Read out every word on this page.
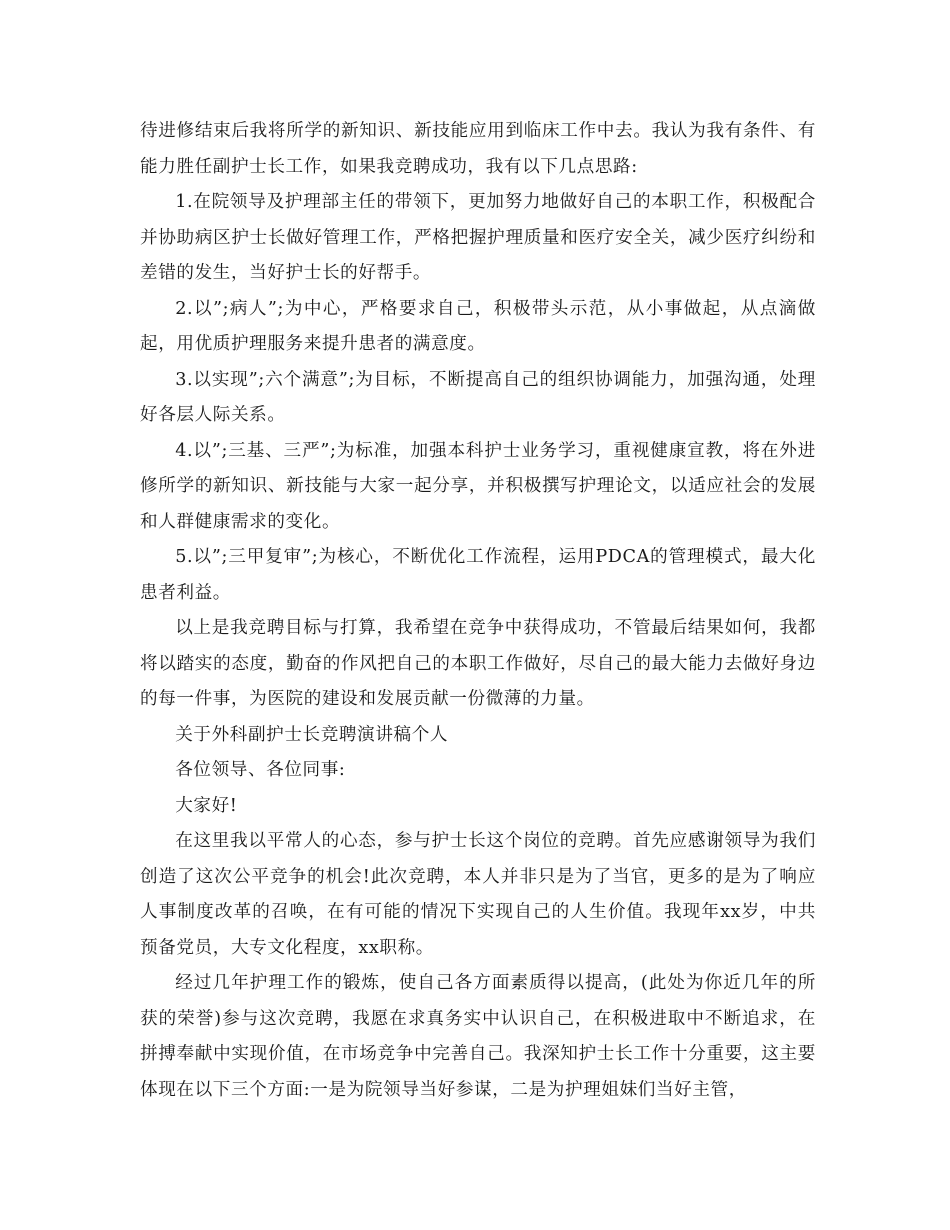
待进修结束后我将所学的新知识、新技能应用到临床工作中去。我认为我有条件、有能力胜任副护士长工作，如果我竞聘成功，我有以下几点思路:

1.在院领导及护理部主任的带领下，更加努力地做好自己的本职工作，积极配合并协助病区护士长做好管理工作，严格把握护理质量和医疗安全关，减少医疗纠纷和差错的发生，当好护士长的好帮手。

2.以”;病人”;为中心，严格要求自己，积极带头示范，从小事做起，从点滴做起，用优质护理服务来提升患者的满意度。

3.以实现”;六个满意”;为目标，不断提高自己的组织协调能力，加强沟通，处理好各层人际关系。

4.以”;三基、三严”;为标准，加强本科护士业务学习，重视健康宣教，将在外进修所学的新知识、新技能与大家一起分享，并积极撰写护理论文，以适应社会的发展和人群健康需求的变化。

5.以”;三甲复审”;为核心，不断优化工作流程，运用PDCA的管理模式，最大化患者利益。

以上是我竞聘目标与打算，我希望在竞争中获得成功，不管最后结果如何，我都将以踏实的态度，勤奋的作风把自己的本职工作做好，尽自己的最大能力去做好身边的每一件事，为医院的建设和发展贡献一份微薄的力量。

关于外科副护士长竞聘演讲稿个人

各位领导、各位同事:

大家好!

在这里我以平常人的心态，参与护士长这个岗位的竞聘。首先应感谢领导为我们创造了这次公平竞争的机会!此次竞聘，本人并非只是为了当官，更多的是为了响应人事制度改革的召唤，在有可能的情况下实现自己的人生价值。我现年xx岁，中共预备党员，大专文化程度，xx职称。

经过几年护理工作的锻炼，使自己各方面素质得以提高，(此处为你近几年的所获的荣誉)参与这次竞聘，我愿在求真务实中认识自己，在积极进取中不断追求，在拼搏奉献中实现价值，在市场竞争中完善自己。我深知护士长工作十分重要，这主要体现在以下三个方面:一是为院领导当好参谋，二是为护理姐妹们当好主管，
